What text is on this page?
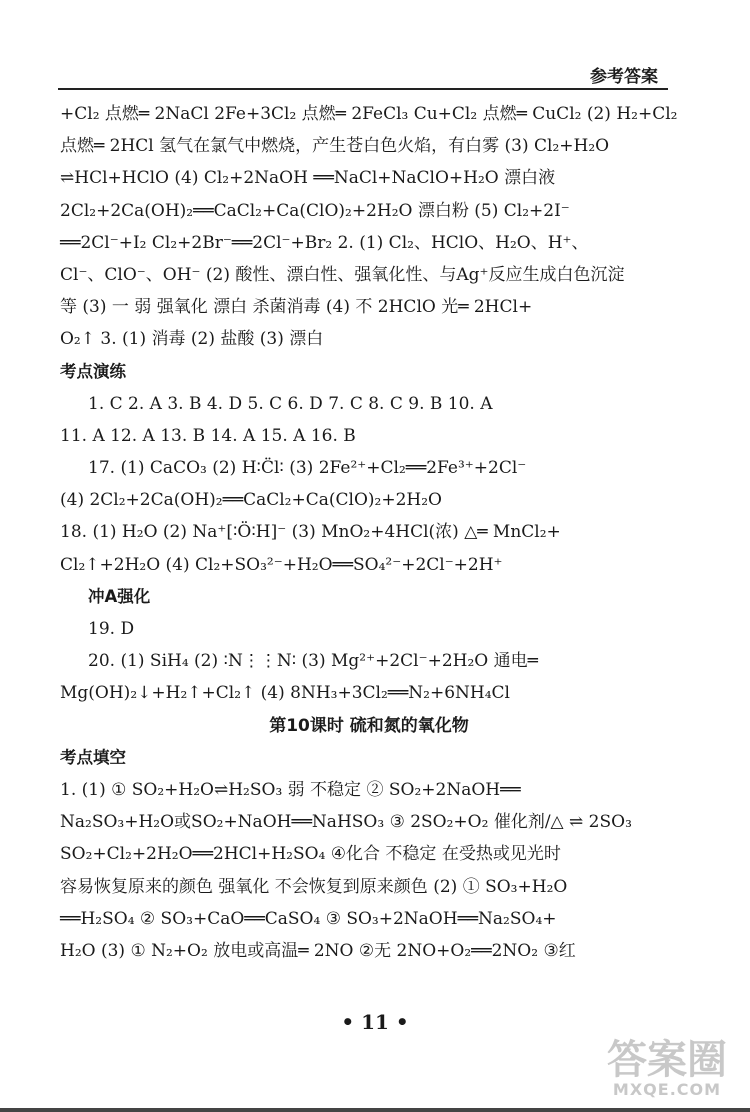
参考答案
+Cl₂ 点燃═ 2NaCl 2Fe+3Cl₂ 点燃═ 2FeCl₃ Cu+Cl₂ 点燃═ CuCl₂ (2) H₂+Cl₂
点燃═ 2HCl 氢气在氯气中燃烧，产生苍白色火焰，有白雾 (3) Cl₂+H₂O
⇌HCl+HClO (4) Cl₂+2NaOH ══NaCl+NaClO+H₂O 漂白液
2Cl₂+2Ca(OH)₂══CaCl₂+Ca(ClO)₂+2H₂O 漂白粉 (5) Cl₂+2I⁻
══2Cl⁻+I₂ Cl₂+2Br⁻══2Cl⁻+Br₂ 2. (1) Cl₂、HClO、H₂O、H⁺、
Cl⁻、ClO⁻、OH⁻ (2) 酸性、漂白性、强氧化性、与Ag⁺反应生成白色沉淀
等 (3) 一 弱 强氧化 漂白 杀菌消毒 (4) 不 2HClO 光═ 2HCl+
O₂↑ 3. (1) 消毒 (2) 盐酸 (3) 漂白
考点演练
1. C 2. A 3. B 4. D 5. C 6. D 7. C 8. C 9. B 10. A
11. A 12. A 13. B 14. A 15. A 16. B
17. (1) CaCO₃ (2) H∶C̈l∶ (3) 2Fe²⁺+Cl₂══2Fe³⁺+2Cl⁻
(4) 2Cl₂+2Ca(OH)₂══CaCl₂+Ca(ClO)₂+2H₂O
18. (1) H₂O (2) Na⁺[∶Ö∶H]⁻ (3) MnO₂+4HCl(浓) △═ MnCl₂+
Cl₂↑+2H₂O (4) Cl₂+SO₃²⁻+H₂O══SO₄²⁻+2Cl⁻+2H⁺
冲A强化
19. D
20. (1) SiH₄ (2) ∶N⋮⋮N∶ (3) Mg²⁺+2Cl⁻+2H₂O 通电═
Mg(OH)₂↓+H₂↑+Cl₂↑ (4) 8NH₃+3Cl₂══N₂+6NH₄Cl
第10课时 硫和氮的氧化物
考点填空
1. (1) ① SO₂+H₂O⇌H₂SO₃ 弱 不稳定 ② SO₂+2NaOH══
Na₂SO₃+H₂O或SO₂+NaOH══NaHSO₃ ③ 2SO₂+O₂ 催化剂/△ ⇌ 2SO₃
SO₂+Cl₂+2H₂O══2HCl+H₂SO₄ ④化合 不稳定 在受热或见光时
容易恢复原来的颜色 强氧化 不会恢复到原来颜色 (2) ① SO₃+H₂O
══H₂SO₄ ② SO₃+CaO══CaSO₄ ③ SO₃+2NaOH══Na₂SO₄+
H₂O (3) ① N₂+O₂ 放电或高温═ 2NO ②无 2NO+O₂══2NO₂ ③红
• 11 •
答案圈
MXQE.COM
